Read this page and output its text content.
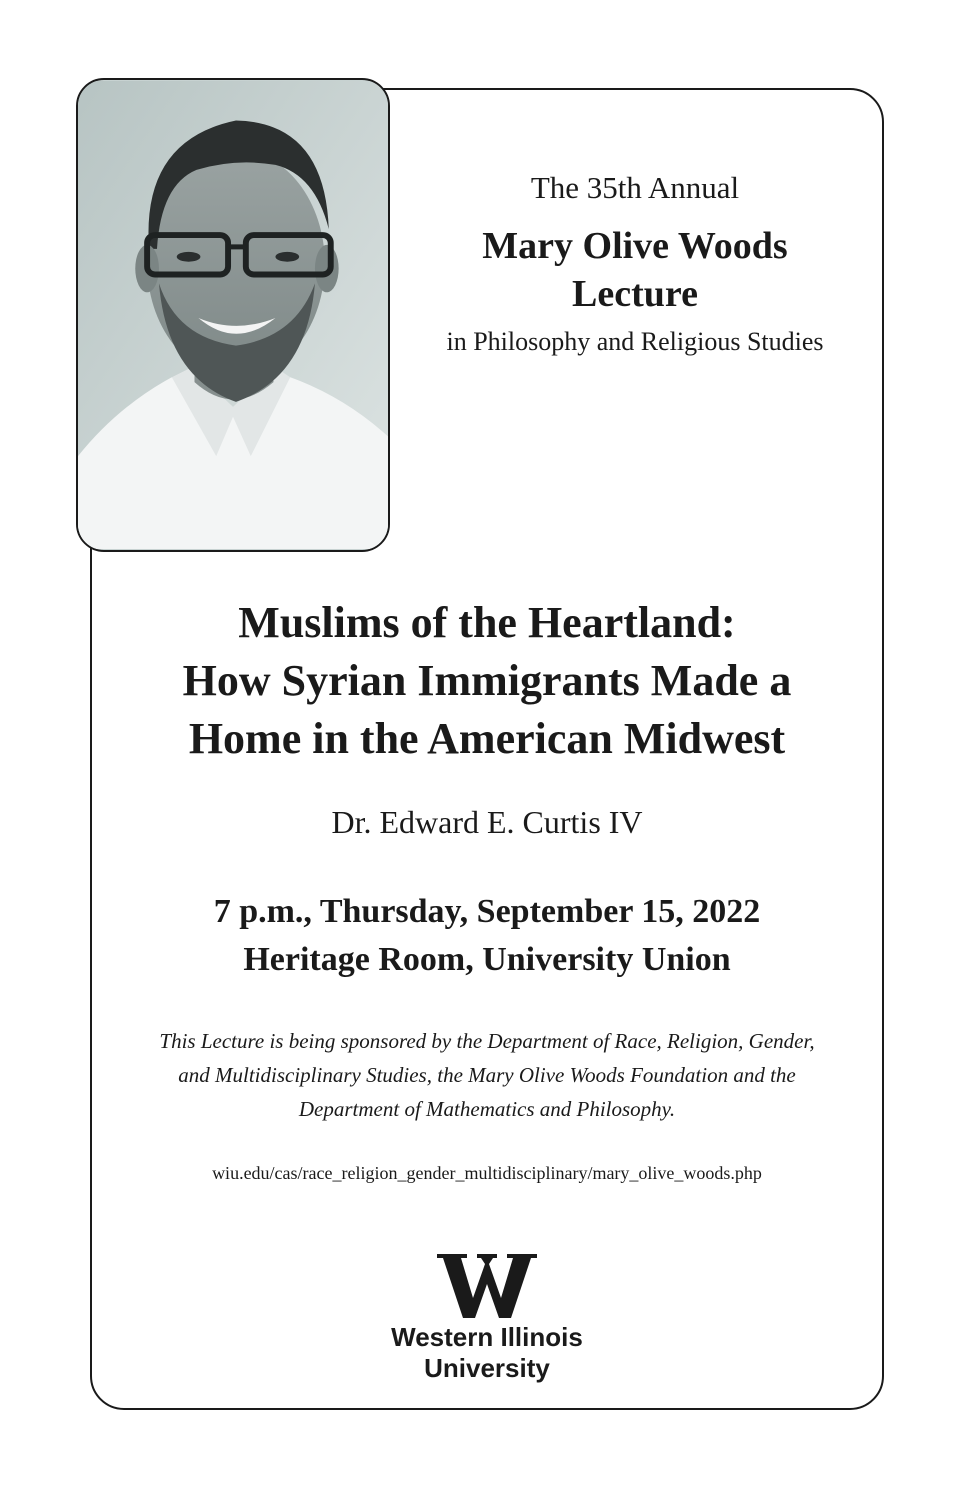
The 35th Annual
Mary Olive Woods
Lecture
in Philosophy and Religious Studies
Muslims of the Heartland:
How Syrian Immigrants Made a
Home in the American Midwest
Dr. Edward E. Curtis IV
7 p.m., Thursday, September 15, 2022
Heritage Room, University Union
This Lecture is being sponsored by the Department of Race, Religion, Gender,
and Multidisciplinary Studies, the Mary Olive Woods Foundation and the
Department of Mathematics and Philosophy.
wiu.edu/cas/race_religion_gender_multidisciplinary/mary_olive_woods.php
Western Illinois
University
